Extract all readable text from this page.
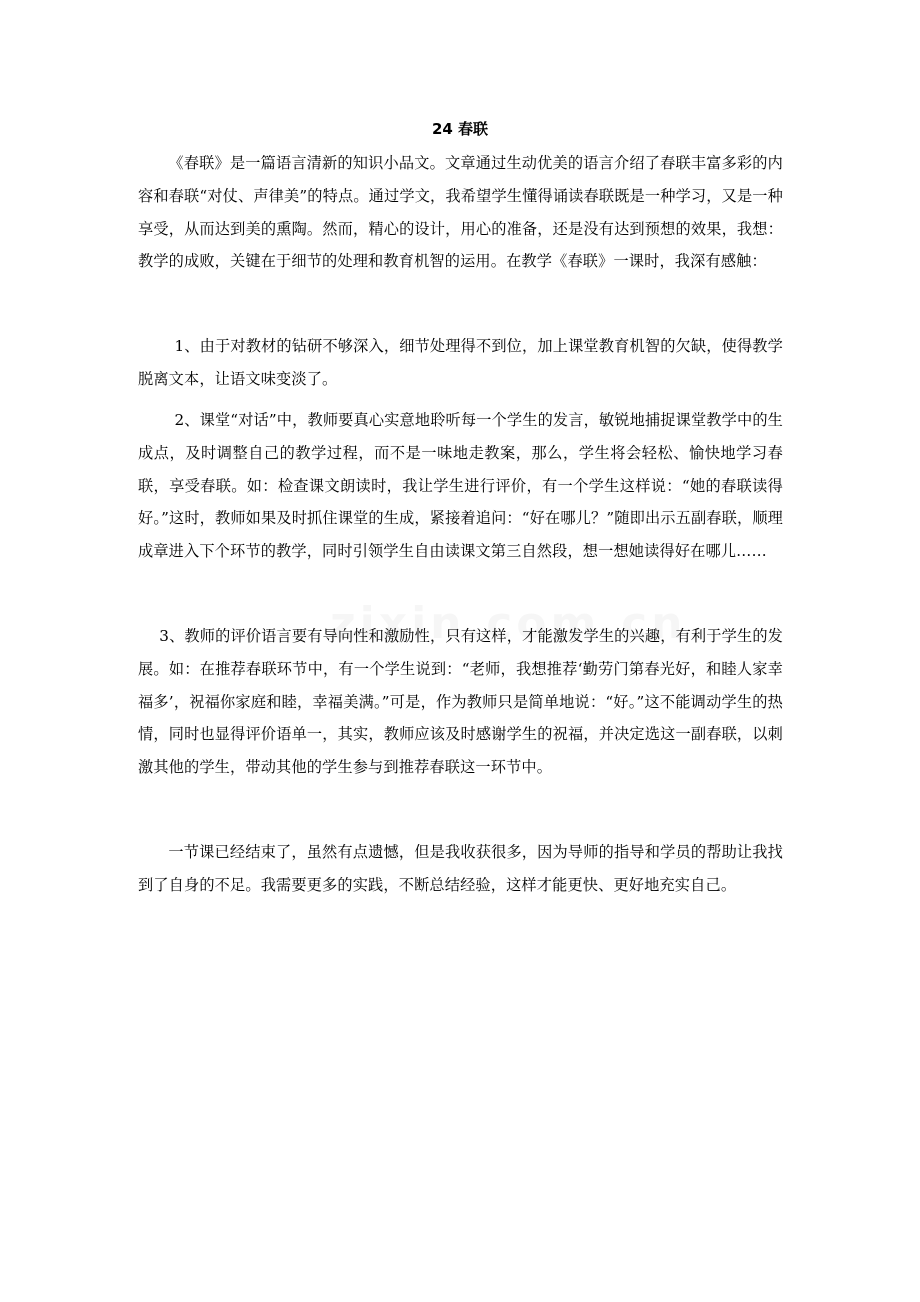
24 春联

《春联》是一篇语言清新的知识小品文。文章通过生动优美的语言介绍了春联丰富多彩的内容和春联“对仗、声律美”的特点。通过学文，我希望学生懂得诵读春联既是一种学习，又是一种享受，从而达到美的熏陶。然而，精心的设计，用心的准备，还是没有达到预想的效果，我想：教学的成败，关键在于细节的处理和教育机智的运用。在教学《春联》一课时，我深有感触：

1、由于对教材的钻研不够深入，细节处理得不到位，加上课堂教育机智的欠缺，使得教学脱离文本，让语文味变淡了。

2、课堂“对话”中，教师要真心实意地聆听每一个学生的发言，敏锐地捕捉课堂教学中的生成点，及时调整自己的教学过程，而不是一味地走教案，那么，学生将会轻松、愉快地学习春联，享受春联。如：检查课文朗读时，我让学生进行评价，有一个学生这样说：“她的春联读得好。”这时，教师如果及时抓住课堂的生成，紧接着追问：“好在哪儿？”随即出示五副春联，顺理成章进入下个环节的教学，同时引领学生自由读课文第三自然段，想一想她读得好在哪儿……

3、教师的评价语言要有导向性和激励性，只有这样，才能激发学生的兴趣，有利于学生的发展。如：在推荐春联环节中，有一个学生说到：“老师，我想推荐‘勤劳门第春光好，和睦人家幸福多’，祝福你家庭和睦，幸福美满。”可是，作为教师只是简单地说：“好。”这不能调动学生的热情，同时也显得评价语单一，其实，教师应该及时感谢学生的祝福，并决定选这一副春联，以刺激其他的学生，带动其他的学生参与到推荐春联这一环节中。

一节课已经结束了，虽然有点遗憾，但是我收获很多，因为导师的指导和学员的帮助让我找到了自身的不足。我需要更多的实践，不断总结经验，这样才能更快、更好地充实自己。
